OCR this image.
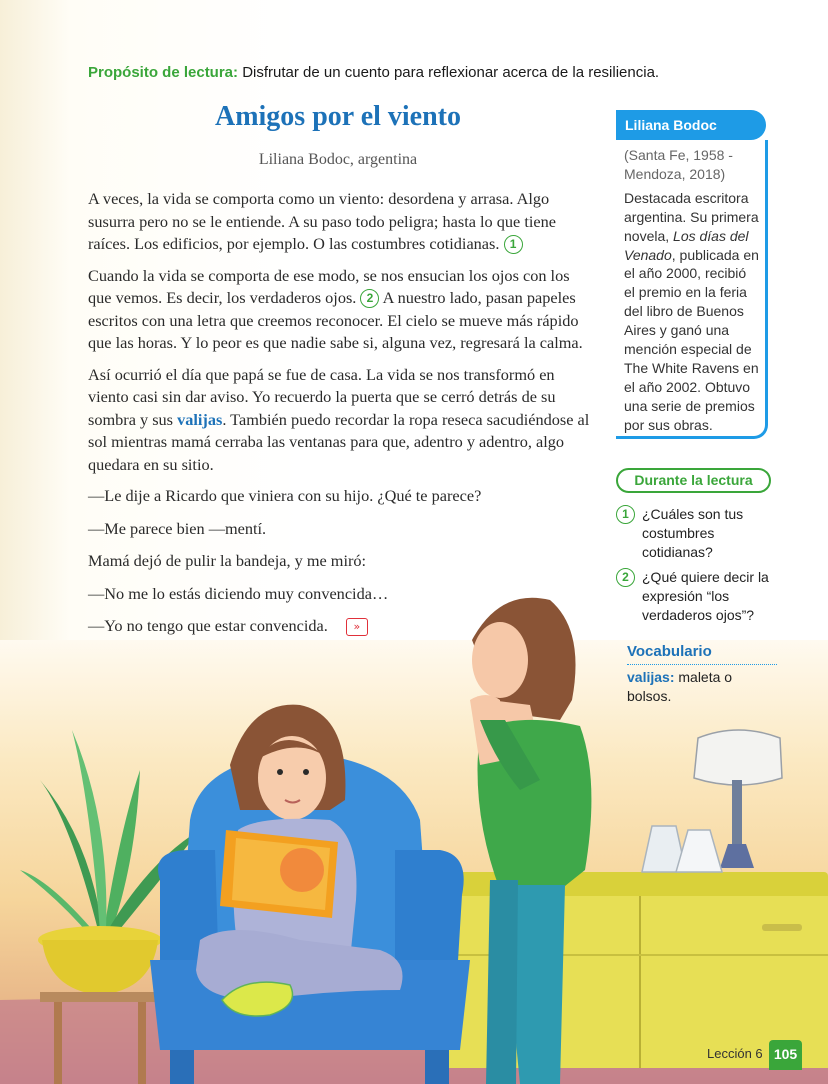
Propósito de lectura: Disfrutar de un cuento para reflexionar acerca de la resiliencia.
Amigos por el viento
Liliana Bodoc, argentina

A veces, la vida se comporta como un viento: desordena y arrasa. Algo susurra pero no se le entiende. A su paso todo peligra; hasta lo que tiene raíces. Los edificios, por ejemplo. O las costumbres cotidianas. 1

Cuando la vida se comporta de ese modo, se nos ensucian los ojos con los que vemos. Es decir, los verdaderos ojos. 2 A nuestro lado, pasan papeles escritos con una letra que creemos reconocer. El cielo se mueve más rápido que las horas. Y lo peor es que nadie sabe si, alguna vez, regresará la calma.

Así ocurrió el día que papá se fue de casa. La vida se nos transformó en viento casi sin dar aviso. Yo recuerdo la puerta que se cerró detrás de su sombra y sus valijas. También puedo recordar la ropa reseca sacudiéndose al sol mientras mamá cerraba las ventanas para que, adentro y adentro, algo quedara en su sitio.

—Le dije a Ricardo que viniera con su hijo. ¿Qué te parece?

—Me parece bien —mentí.

Mamá dejó de pulir la bandeja, y me miró:

—No me lo estás diciendo muy convencida…

—Yo no tengo que estar convencida. »

Liliana Bodoc
(Santa Fe, 1958 - Mendoza, 2018)
Destacada escritora argentina. Su primera novela, Los días del Venado, publicada en el año 2000, recibió el premio en la feria del libro de Buenos Aires y ganó una mención especial de The White Ravens en el año 2002. Obtuvo una serie de premios por sus obras.
Durante la lectura
1 ¿Cuáles son tus costumbres cotidianas?
2 ¿Qué quiere decir la expresión “los verdaderos ojos”?
Vocabulario
valijas: maleta o bolsos.
Lección 6 105
